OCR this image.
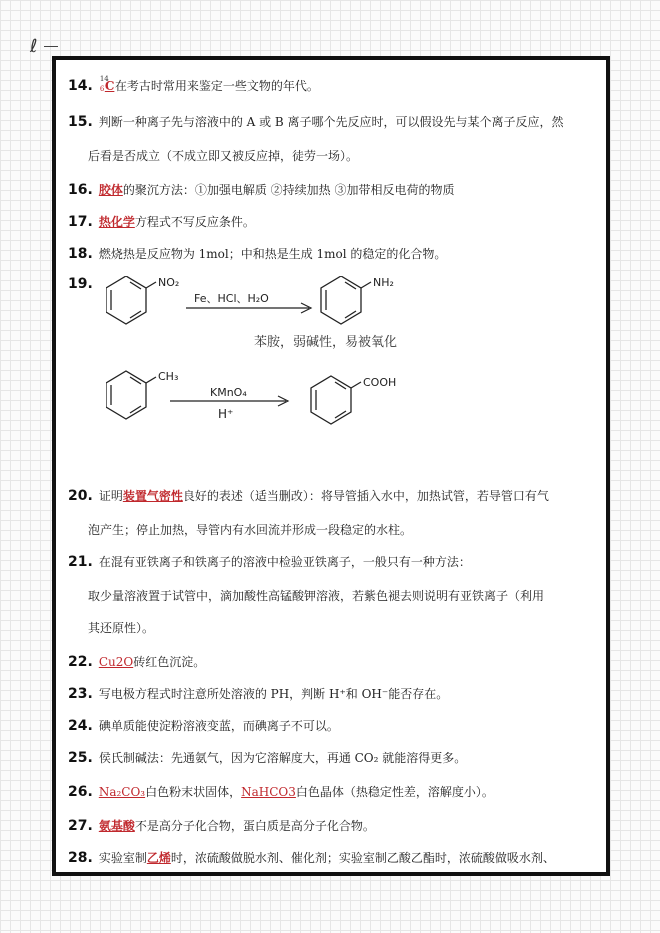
ℓ
14. 14
6 C 在考古时常用来鉴定一些文物的年代。
15. 判断一种离子先与溶液中的 A 或 B 离子哪个先反应时，可以假设先与某个离子反应，然
后看是否成立（不成立即又被反应掉，徒劳一场）。
16. 胶体的聚沉方法：①加强电解质 ②持续加热 ③加带相反电荷的物质
17. 热化学方程式不写反应条件。
18. 燃烧热是反应物为 1mol；中和热是生成 1mol 的稳定的化合物。
19.	NO₂
Fe、HCl、H₂O
NH₂
苯胺，弱碱性，易被氧化
CH₃
KMnO₄
H⁺
COOH
20. 证明装置气密性良好的表述（适当删改）：将导管插入水中，加热试管，若导管口有气
泡产生；停止加热，导管内有水回流并形成一段稳定的水柱。
21. 在混有亚铁离子和铁离子的溶液中检验亚铁离子，一般只有一种方法：
取少量溶液置于试管中，滴加酸性高锰酸钾溶液，若紫色褪去则说明有亚铁离子（利用
其还原性）。
22. Cu2O砖红色沉淀。
23. 写电极方程式时注意所处溶液的 PH，判断 H⁺和 OH⁻能否存在。
24. 碘单质能使淀粉溶液变蓝，而碘离子不可以。
25. 侯氏制碱法：先通氨气，因为它溶解度大，再通 CO₂ 就能溶得更多。
26. Na₂CO₃白色粉末状固体，NaHCO3白色晶体（热稳定性差，溶解度小）。
27. 氨基酸不是高分子化合物，蛋白质是高分子化合物。
28. 实验室制乙烯时，浓硫酸做脱水剂、催化剂；实验室制乙酸乙酯时，浓硫酸做吸水剂、
